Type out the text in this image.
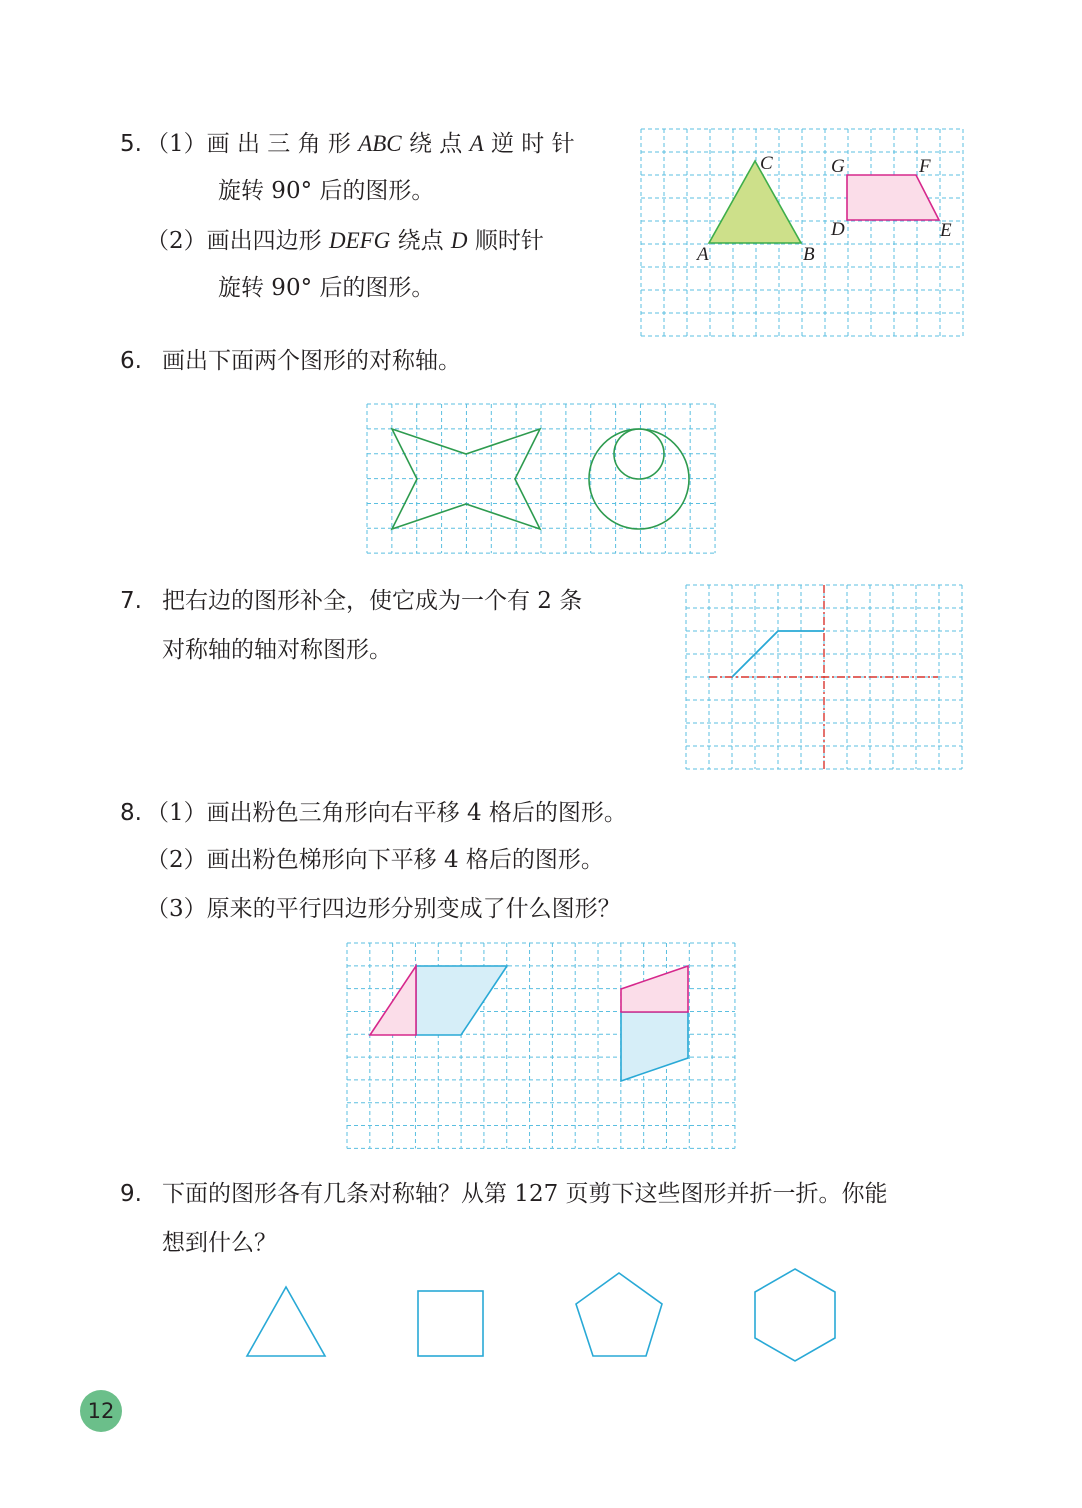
5. （1）画 出 三 角 形 ABC 绕 点 A 逆 时 针
旋转 90° 后的图形。
（2）画出四边形 DEFG 绕点 D 顺时针
旋转 90° 后的图形。
A	B
C
D	E
F
G
6. 画出下面两个图形的对称轴。
7. 把右边的图形补全，使它成为一个有 2 条
对称轴的轴对称图形。
8. （1）画出粉色三角形向右平移 4 格后的图形。
（2）画出粉色梯形向下平移 4 格后的图形。
（3）原来的平行四边形分别变成了什么图形？
9. 下面的图形各有几条对称轴？从第 127 页剪下这些图形并折一折。你能
想到什么？
12
